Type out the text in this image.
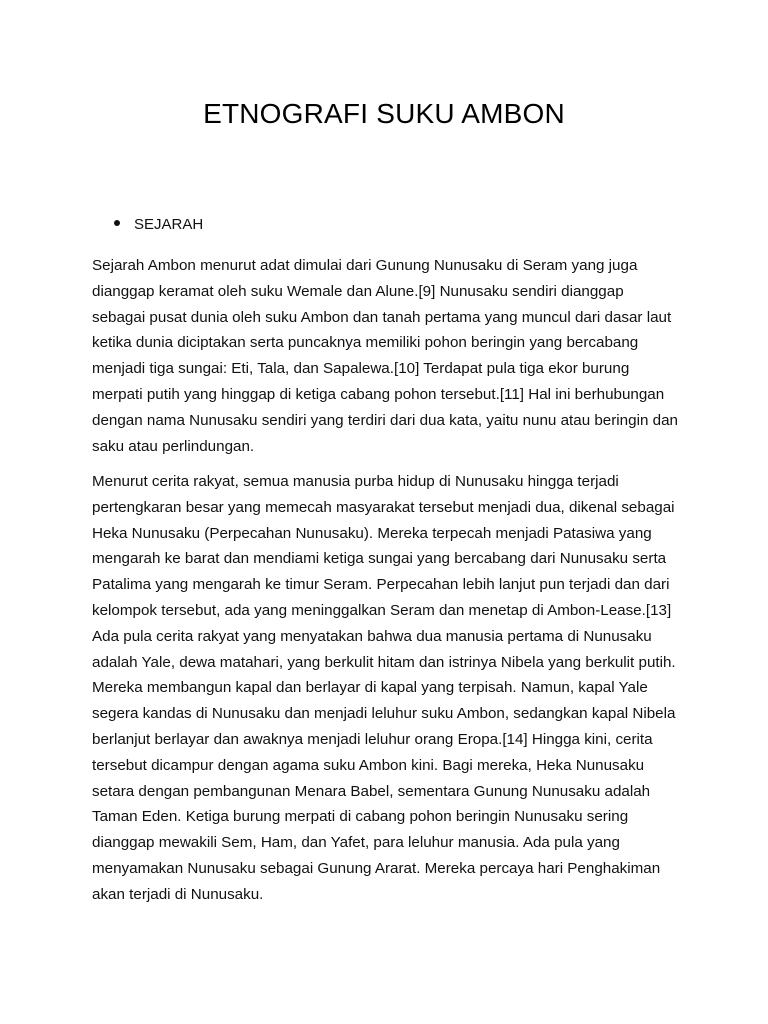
ETNOGRAFI SUKU AMBON
SEJARAH

Sejarah Ambon menurut adat dimulai dari Gunung Nunusaku di Seram yang juga dianggap keramat oleh suku Wemale dan Alune.[9] Nunusaku sendiri dianggap sebagai pusat dunia oleh suku Ambon dan tanah pertama yang muncul dari dasar laut ketika dunia diciptakan serta puncaknya memiliki pohon beringin yang bercabang menjadi tiga sungai: Eti, Tala, dan Sapalewa.[10] Terdapat pula tiga ekor burung merpati putih yang hinggap di ketiga cabang pohon tersebut.[11] Hal ini berhubungan dengan nama Nunusaku sendiri yang terdiri dari dua kata, yaitu nunu atau beringin dan saku atau perlindungan.

Menurut cerita rakyat, semua manusia purba hidup di Nunusaku hingga terjadi pertengkaran besar yang memecah masyarakat tersebut menjadi dua, dikenal sebagai Heka Nunusaku (Perpecahan Nunusaku). Mereka terpecah menjadi Patasiwa yang mengarah ke barat dan mendiami ketiga sungai yang bercabang dari Nunusaku serta Patalima yang mengarah ke timur Seram. Perpecahan lebih lanjut pun terjadi dan dari kelompok tersebut, ada yang meninggalkan Seram dan menetap di Ambon-Lease.[13] Ada pula cerita rakyat yang menyatakan bahwa dua manusia pertama di Nunusaku adalah Yale, dewa matahari, yang berkulit hitam dan istrinya Nibela yang berkulit putih. Mereka membangun kapal dan berlayar di kapal yang terpisah. Namun, kapal Yale segera kandas di Nunusaku dan menjadi leluhur suku Ambon, sedangkan kapal Nibela berlanjut berlayar dan awaknya menjadi leluhur orang Eropa.[14] Hingga kini, cerita tersebut dicampur dengan agama suku Ambon kini. Bagi mereka, Heka Nunusaku setara dengan pembangunan Menara Babel, sementara Gunung Nunusaku adalah Taman Eden. Ketiga burung merpati di cabang pohon beringin Nunusaku sering dianggap mewakili Sem, Ham, dan Yafet, para leluhur manusia. Ada pula yang menyamakan Nunusaku sebagai Gunung Ararat. Mereka percaya hari Penghakiman akan terjadi di Nunusaku.
